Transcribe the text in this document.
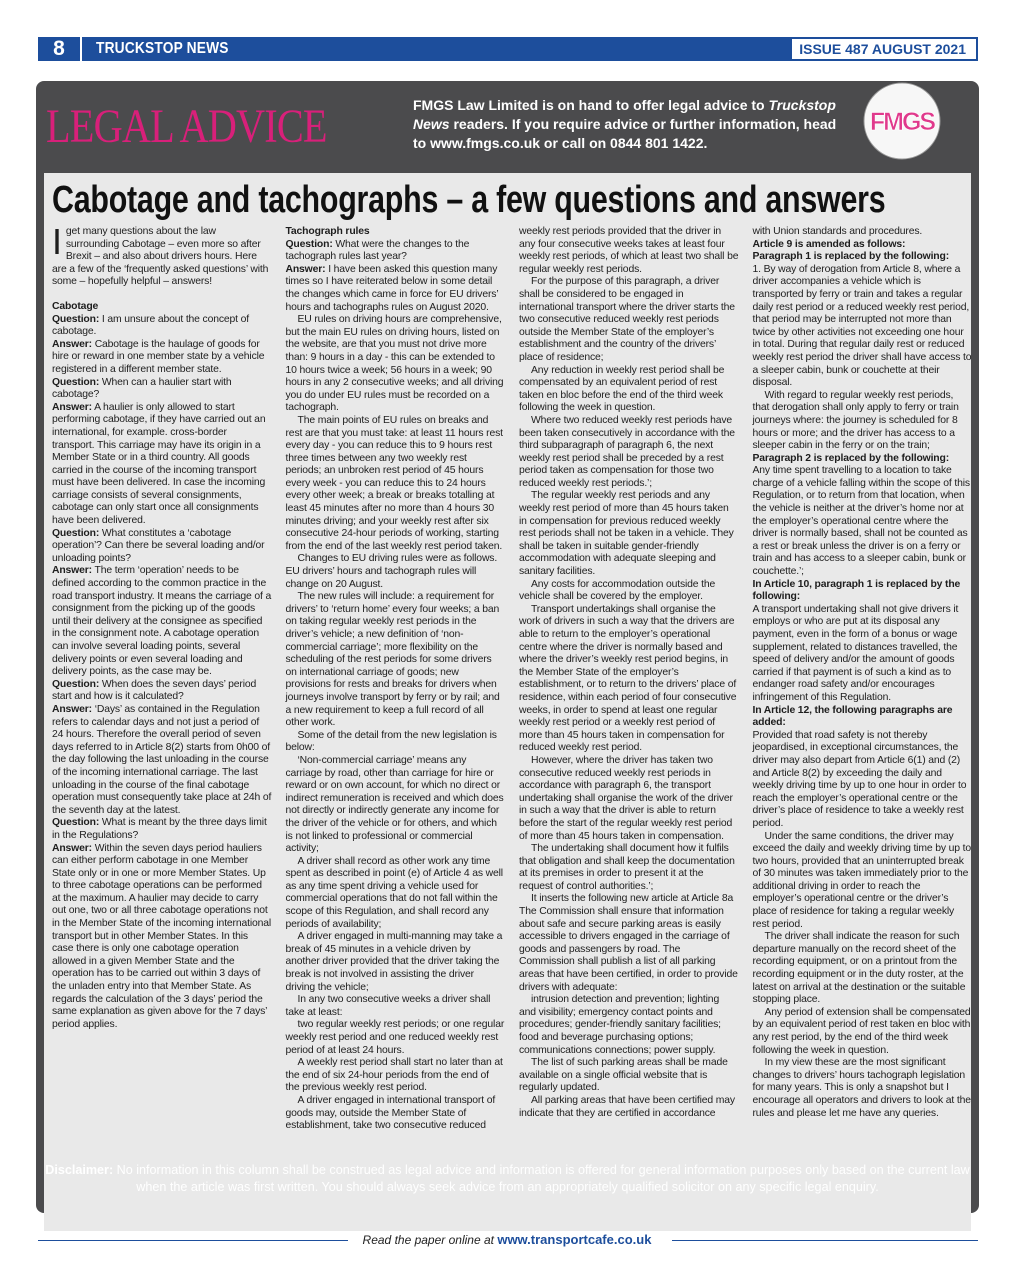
8	TRUCKSTOP NEWS	ISSUE 487 AUGUST 2021
LEGAL ADVICE	FMGS Law Limited is on hand to offer legal advice to Truckstop News readers. If you require advice or further information, head to www.fmgs.co.uk or call on 0844 801 1422.
FMGS
Cabotage and tachographs – a few questions and answers

Iget many questions about the law surrounding Cabotage – even more so after Brexit – and also about drivers hours. Here are a few of the ‘frequently asked questions’ with some – hopefully helpful – answers!

Cabotage

Question: I am unsure about the concept of cabotage.

Answer: Cabotage is the haulage of goods for hire or reward in one member state by a vehicle registered in a different member state.

Question: When can a haulier start with cabotage?

Answer: A haulier is only allowed to start performing cabotage, if they have carried out an international, for example. cross-border transport. This carriage may have its origin in a Member State or in a third country. All goods carried in the course of the incoming transport must have been delivered. In case the incoming carriage consists of several consignments, cabotage can only start once all consignments have been delivered.

Question: What constitutes a ‘cabotage operation’? Can there be several loading and/or unloading points?

Answer: The term ‘operation’ needs to be defined according to the common practice in the road transport industry. It means the carriage of a consignment from the picking up of the goods until their delivery at the consignee as specified in the consignment note. A cabotage operation can involve several loading points, several delivery points or even several loading and delivery points, as the case may be.

Question: When does the seven days’ period start and how is it calculated?

Answer: ‘Days’ as contained in the Regulation refers to calendar days and not just a period of 24 hours. Therefore the overall period of seven days referred to in Article 8(2) starts from 0h00 of the day following the last unloading in the course of the incoming international carriage. The last unloading in the course of the final cabotage operation must consequently take place at 24h of the seventh day at the latest.

Question: What is meant by the three days limit in the Regulations?

Answer: Within the seven days period hauliers can either perform cabotage in one Member State only or in one or more Member States. Up to three cabotage operations can be performed at the maximum. A haulier may decide to carry out one, two or all three cabotage operations not in the Member State of the incoming international transport but in other Member States. In this case there is only one cabotage operation allowed in a given Member State and the operation has to be carried out within 3 days of the unladen entry into that Member State. As regards the calculation of the 3 days’ period the same explanation as given above for the 7 days’ period applies.

Tachograph rules

Question: What were the changes to the tachograph rules last year?

Answer: I have been asked this question many times so I have reiterated below in some detail the changes which came in force for EU drivers’ hours and tachographs rules on August 2020.

EU rules on driving hours are comprehensive, but the main EU rules on driving hours, listed on the website, are that you must not drive more than: 9 hours in a day - this can be extended to 10 hours twice a week; 56 hours in a week; 90 hours in any 2 consecutive weeks; and all driving you do under EU rules must be recorded on a tachograph.

The main points of EU rules on breaks and rest are that you must take: at least 11 hours rest every day - you can reduce this to 9 hours rest three times between any two weekly rest periods; an unbroken rest period of 45 hours every week - you can reduce this to 24 hours every other week; a break or breaks totalling at least 45 minutes after no more than 4 hours 30 minutes driving; and your weekly rest after six consecutive 24-hour periods of working, starting from the end of the last weekly rest period taken.

Changes to EU driving rules were as follows. EU drivers’ hours and tachograph rules will change on 20 August.

The new rules will include: a requirement for drivers’ to ‘return home’ every four weeks; a ban on taking regular weekly rest periods in the driver’s vehicle; a new definition of ‘non-commercial carriage’; more flexibility on the scheduling of the rest periods for some drivers on international carriage of goods; new provisions for rests and breaks for drivers when journeys involve transport by ferry or by rail; and a new requirement to keep a full record of all other work.

Some of the detail from the new legislation is below:

‘Non-commercial carriage’ means any carriage by road, other than carriage for hire or reward or on own account, for which no direct or indirect remuneration is received and which does not directly or indirectly generate any income for the driver of the vehicle or for others, and which is not linked to professional or commercial activity;

A driver shall record as other work any time spent as described in point (e) of Article 4 as well as any time spent driving a vehicle used for commercial operations that do not fall within the scope of this Regulation, and shall record any periods of availability;

A driver engaged in multi-manning may take a break of 45 minutes in a vehicle driven by another driver provided that the driver taking the break is not involved in assisting the driver driving the vehicle;

In any two consecutive weeks a driver shall take at least:

two regular weekly rest periods; or one regular weekly rest period and one reduced weekly rest period of at least 24 hours.

A weekly rest period shall start no later than at the end of six 24-hour periods from the end of the previous weekly rest period.

A driver engaged in international transport of goods may, outside the Member State of establishment, take two consecutive reduced

weekly rest periods provided that the driver in any four consecutive weeks takes at least four weekly rest periods, of which at least two shall be regular weekly rest periods.

For the purpose of this paragraph, a driver shall be considered to be engaged in international transport where the driver starts the two consecutive reduced weekly rest periods outside the Member State of the employer’s establishment and the country of the drivers’ place of residence;

Any reduction in weekly rest period shall be compensated by an equivalent period of rest taken en bloc before the end of the third week following the week in question.

Where two reduced weekly rest periods have been taken consecutively in accordance with the third subparagraph of paragraph 6, the next weekly rest period shall be preceded by a rest period taken as compensation for those two reduced weekly rest periods.’;

The regular weekly rest periods and any weekly rest period of more than 45 hours taken in compensation for previous reduced weekly rest periods shall not be taken in a vehicle. They shall be taken in suitable gender-friendly accommodation with adequate sleeping and sanitary facilities.

Any costs for accommodation outside the vehicle shall be covered by the employer.

Transport undertakings shall organise the work of drivers in such a way that the drivers are able to return to the employer’s operational centre where the driver is normally based and where the driver’s weekly rest period begins, in the Member State of the employer’s establishment, or to return to the drivers’ place of residence, within each period of four consecutive weeks, in order to spend at least one regular weekly rest period or a weekly rest period of more than 45 hours taken in compensation for reduced weekly rest period.

However, where the driver has taken two consecutive reduced weekly rest periods in accordance with paragraph 6, the transport undertaking shall organise the work of the driver in such a way that the driver is able to return before the start of the regular weekly rest period of more than 45 hours taken in compensation.

The undertaking shall document how it fulfils that obligation and shall keep the documentation at its premises in order to present it at the request of control authorities.’;

It inserts the following new article at Article 8a The Commission shall ensure that information about safe and secure parking areas is easily accessible to drivers engaged in the carriage of goods and passengers by road. The Commission shall publish a list of all parking areas that have been certified, in order to provide drivers with adequate:

intrusion detection and prevention; lighting and visibility; emergency contact points and procedures; gender-friendly sanitary facilities; food and beverage purchasing options; communications connections; power supply.

The list of such parking areas shall be made available on a single official website that is regularly updated.

All parking areas that have been certified may indicate that they are certified in accordance

with Union standards and procedures.

Article 9 is amended as follows:

Paragraph 1 is replaced by the following:

1. By way of derogation from Article 8, where a driver accompanies a vehicle which is transported by ferry or train and takes a regular daily rest period or a reduced weekly rest period, that period may be interrupted not more than twice by other activities not exceeding one hour in total. During that regular daily rest or reduced weekly rest period the driver shall have access to a sleeper cabin, bunk or couchette at their disposal.

With regard to regular weekly rest periods, that derogation shall only apply to ferry or train journeys where: the journey is scheduled for 8 hours or more; and the driver has access to a sleeper cabin in the ferry or on the train;

Paragraph 2 is replaced by the following:

Any time spent travelling to a location to take charge of a vehicle falling within the scope of this Regulation, or to return from that location, when the vehicle is neither at the driver’s home nor at the employer’s operational centre where the driver is normally based, shall not be counted as a rest or break unless the driver is on a ferry or train and has access to a sleeper cabin, bunk or couchette.’;

In Article 10, paragraph 1 is replaced by the following:

A transport undertaking shall not give drivers it employs or who are put at its disposal any payment, even in the form of a bonus or wage supplement, related to distances travelled, the speed of delivery and/or the amount of goods carried if that payment is of such a kind as to endanger road safety and/or encourages infringement of this Regulation.

In Article 12, the following paragraphs are added:

Provided that road safety is not thereby jeopardised, in exceptional circumstances, the driver may also depart from Article 6(1) and (2) and Article 8(2) by exceeding the daily and weekly driving time by up to one hour in order to reach the employer’s operational centre or the driver’s place of residence to take a weekly rest period.

Under the same conditions, the driver may exceed the daily and weekly driving time by up to two hours, provided that an uninterrupted break of 30 minutes was taken immediately prior to the additional driving in order to reach the employer’s operational centre or the driver’s place of residence for taking a regular weekly rest period.

The driver shall indicate the reason for such departure manually on the record sheet of the recording equipment, or on a printout from the recording equipment or in the duty roster, at the latest on arrival at the destination or the suitable stopping place.

Any period of extension shall be compensated by an equivalent period of rest taken en bloc with any rest period, by the end of the third week following the week in question.

In my view these are the most significant changes to drivers’ hours tachograph legislation for many years. This is only a snapshot but I encourage all operators and drivers to look at the rules and please let me have any queries.

Disclaimer: No information in this column shall be construed as legal advice and information is offered for general information purposes only based on the current law when the article was first written. You should always seek advice from an appropriately qualified solicitor on any specific legal enquiry.
Read the paper online at www.transportcafe.co.uk
